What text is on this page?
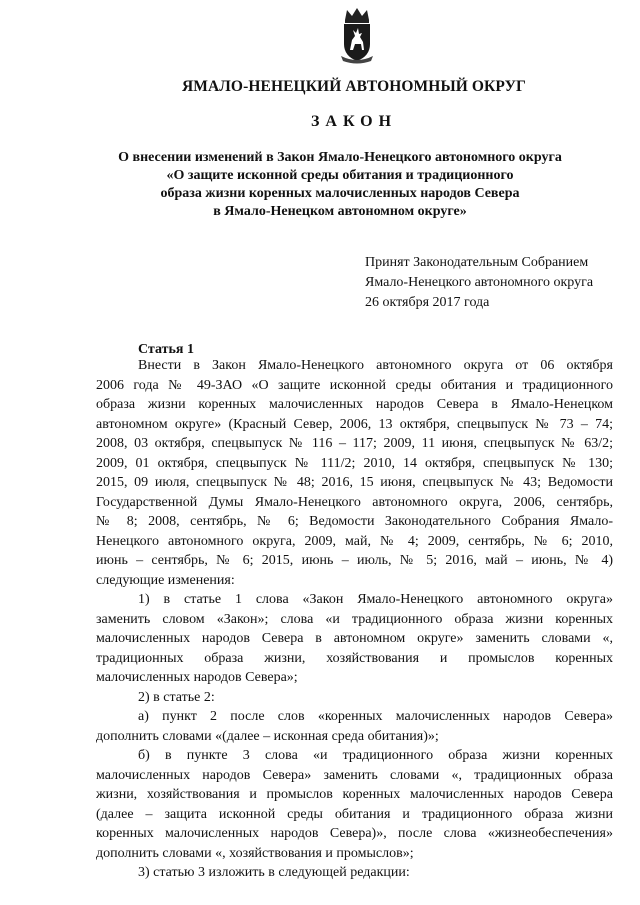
ЯМАЛО-НЕНЕЦКИЙ АВТОНОМНЫЙ ОКРУГ
ЗАКОН
О внесении изменений в Закон Ямало-Ненецкого автономного округа
«О защите исконной среды обитания и традиционного
образа жизни коренных малочисленных народов Севера
в Ямало-Ненецком автономном округе»
Принят Законодательным Собранием
Ямало-Ненецкого автономного округа
26 октября 2017 года
Статья 1
Внести в Закон Ямало-Ненецкого автономного округа от 06 октября
2006 года № 49-ЗАО «О защите исконной среды обитания и традиционного
образа жизни коренных малочисленных народов Севера в Ямало-Ненецком
автономном округе» (Красный Север, 2006, 13 октября, спецвыпуск № 73 – 74;
2008, 03 октября, спецвыпуск № 116 – 117; 2009, 11 июня, спецвыпуск № 63/2;
2009, 01 октября, спецвыпуск № 111/2; 2010, 14 октября, спецвыпуск № 130;
2015, 09 июля, спецвыпуск № 48; 2016, 15 июня, спецвыпуск № 43; Ведомости
Государственной Думы Ямало-Ненецкого автономного округа, 2006, сентябрь,
№ 8; 2008, сентябрь, № 6; Ведомости Законодательного Собрания Ямало-
Ненецкого автономного округа, 2009, май, № 4; 2009, сентябрь, № 6; 2010,
июнь – сентябрь, № 6; 2015, июнь – июль, № 5; 2016, май – июнь, № 4)
следующие изменения:
1) в статье 1 слова «Закон Ямало-Ненецкого автономного округа»
заменить словом «Закон»; слова «и традиционного образа жизни коренных
малочисленных народов Севера в автономном округе» заменить словами «,
традиционных образа жизни, хозяйствования и промыслов коренных
малочисленных народов Севера»;
2) в статье 2:
а) пункт 2 после слов «коренных малочисленных народов Севера»
дополнить словами «(далее – исконная среда обитания)»;
б) в пункте 3 слова «и традиционного образа жизни коренных
малочисленных народов Севера» заменить словами «, традиционных образа
жизни, хозяйствования и промыслов коренных малочисленных народов Севера
(далее – защита исконной среды обитания и традиционного образа жизни
коренных малочисленных народов Севера)», после слова «жизнеобеспечения»
дополнить словами «, хозяйствования и промыслов»;
3) статью 3 изложить в следующей редакции:
